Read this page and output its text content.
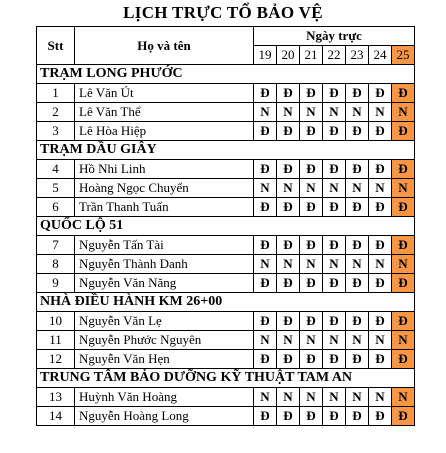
LỊCH TRỰC TỔ BẢO VỆ
Stt	Họ và tên	Ngày trực						
		19	20	21	22	23	24	25
TRẠM LONG PHƯỚC								
1	Lê Văn Út	Đ	Đ	Đ	Đ	Đ	Đ	Đ
2	Lê Văn Thể	N	N	N	N	N	N	N
3	Lê Hòa Hiệp	Đ	Đ	Đ	Đ	Đ	Đ	Đ
TRẠM DẦU GIÂY								
4	Hồ Nhi Linh	Đ	Đ	Đ	Đ	Đ	Đ	Đ
5	Hoàng Ngọc Chuyển	N	N	N	N	N	N	N
6	Trần Thanh Tuấn	Đ	Đ	Đ	Đ	Đ	Đ	Đ
QUỐC LỘ 51								
7	Nguyễn Tấn Tài	Đ	Đ	Đ	Đ	Đ	Đ	Đ
8	Nguyễn Thành Danh	N	N	N	N	N	N	N
9	Nguyễn Văn Năng	Đ	Đ	Đ	Đ	Đ	Đ	Đ
NHÀ ĐIỀU HÀNH KM 26+00								
10	Nguyễn Văn Lẹ	Đ	Đ	Đ	Đ	Đ	Đ	Đ
11	Nguyễn Phước Nguyên	N	N	N	N	N	N	N
12	Nguyễn Văn Hẹn	Đ	Đ	Đ	Đ	Đ	Đ	Đ
TRUNG TÂM BẢO DƯỠNG KỸ THUẬT TAM AN								
13	Huỳnh Văn Hoàng	N	N	N	N	N	N	N
14	Nguyễn Hoàng Long	Đ	Đ	Đ	Đ	Đ	Đ	Đ
